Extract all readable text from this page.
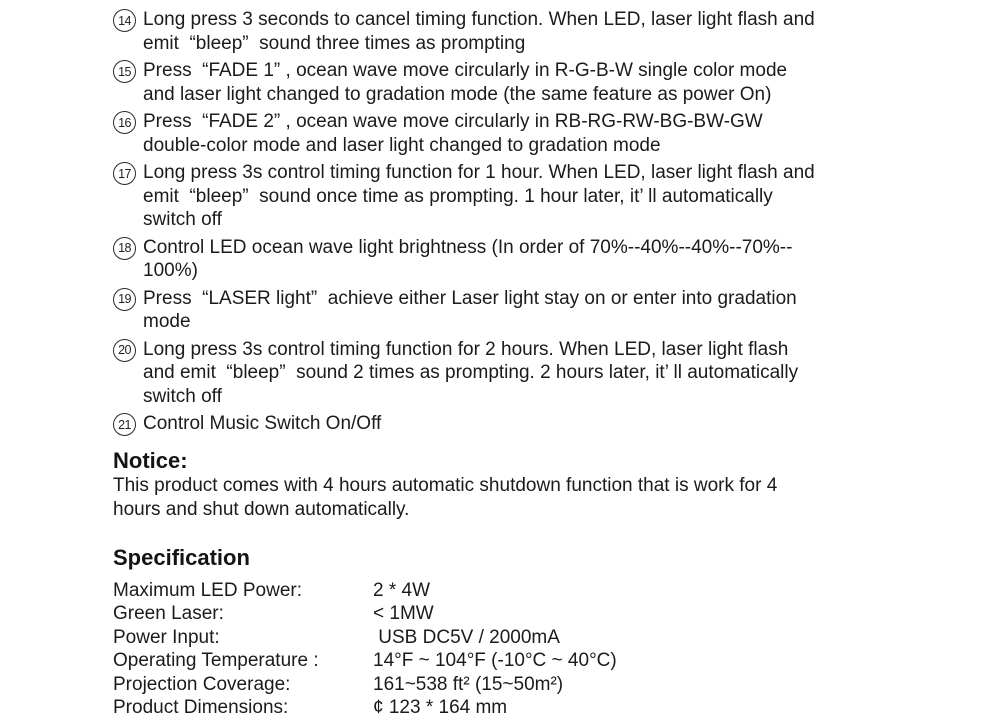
14 Long press 3 seconds to cancel timing function. When LED, laser light flash and
emit  “bleep”  sound three times as prompting
15 Press  “FADE 1” , ocean wave move circularly in R-G-B-W single color mode
and laser light changed to gradation mode (the same feature as power On)
16 Press  “FADE 2” , ocean wave move circularly in RB-RG-RW-BG-BW-GW
double-color mode and laser light changed to gradation mode
17 Long press 3s control timing function for 1 hour. When LED, laser light flash and
emit  “bleep”  sound once time as prompting. 1 hour later, it’ ll automatically
switch off
18 Control LED ocean wave light brightness (In order of 70%--40%--40%--70%--
100%)
19 Press  “LASER light”  achieve either Laser light stay on or enter into gradation
mode
20 Long press 3s control timing function for 2 hours. When LED, laser light flash
and emit  “bleep”  sound 2 times as prompting. 2 hours later, it’ ll automatically
switch off
21 Control Music Switch On/Off
Notice:
This product comes with 4 hours automatic shutdown function that is work for 4
hours and shut down automatically.
Specification
Maximum LED Power:	2 * 4W
Green Laser:	< 1MW
Power Input:	USB DC5V / 2000mA
Operating Temperature :	14°F ~ 104°F (-10°C ~ 40°C)
Projection Coverage:	161~538 ft² (15~50m²)
Product Dimensions:	¢ 123 * 164 mm
